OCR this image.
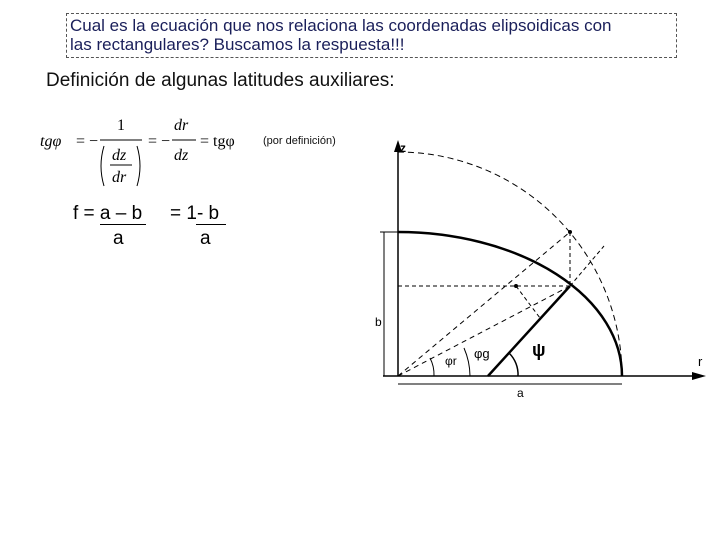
Cual es la ecuación que nos relaciona las coordenadas elipsoidicas con
las rectangulares? Buscamos la respuesta!!!
Definición de algunas latitudes auxiliares:
(por definición)
tgφ = −
1
dz
dr
= −
dr
dz
= tgφ
f = a – b
a
= 1- b
a
z
r
b
a
φr φg ψ
